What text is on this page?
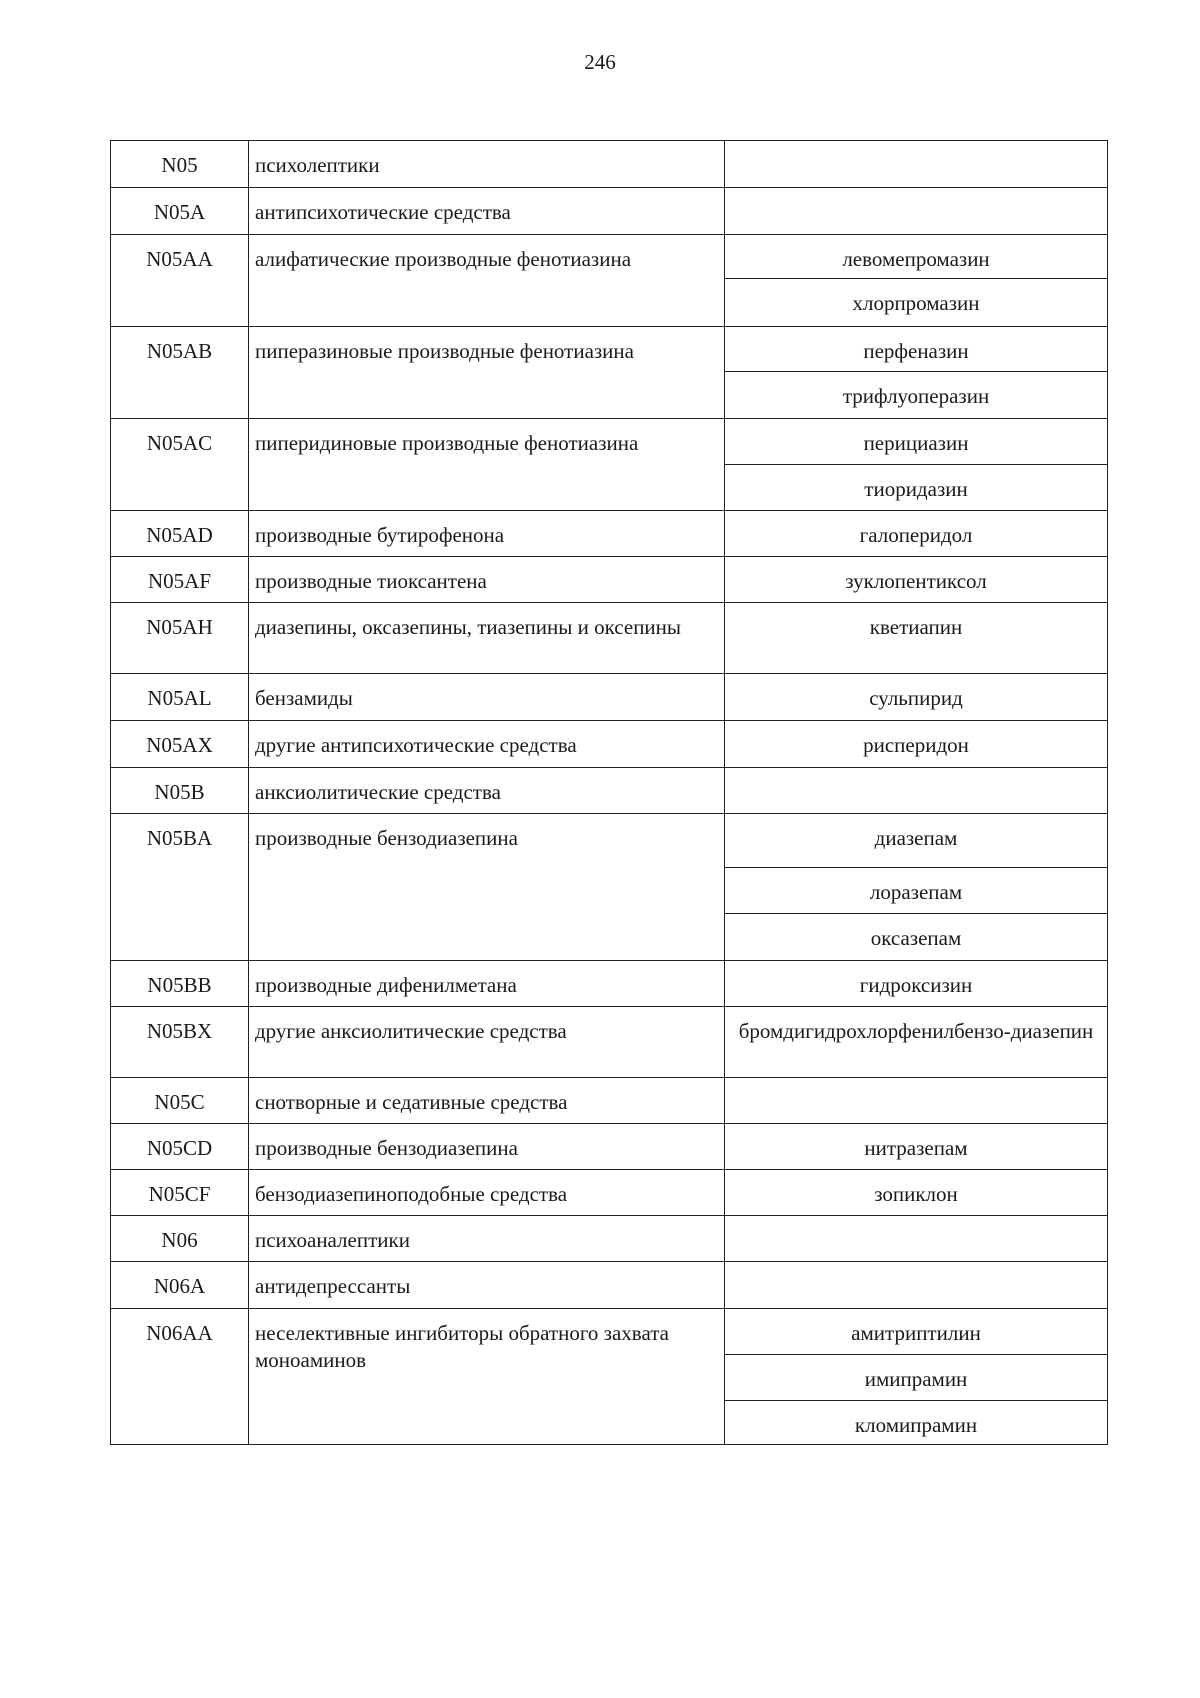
246
N05	психолептики	
N05A	антипсихотические средства	
N05AA	алифатические производные фенотиазина	левомепромазин
хлорпромазин

N05AB	пиперазиновые производные фенотиазина	перфеназин
трифлуоперазин

N05AC	пиперидиновые производные фенотиазина	перициазин
тиоридазин

N05AD	производные бутирофенона	галоперидол

N05AF	производные тиоксантена	зуклопентиксол

N05AH	диазепины, оксазепины, тиазепины и оксепины	кветиапин

N05AL	бензамиды	сульпирид

N05AX	другие антипсихотические средства	рисперидон

N05B	анксиолитические средства	
N05BA	производные бензодиазепина	диазепам
лоразепам
оксазепам

N05BB	производные дифенилметана	гидроксизин

N05BX	другие анксиолитические средства	бромдигидрохлорфенилбензо-диазепин

N05C	снотворные и седативные средства	
N05CD	производные бензодиазепина	нитразепам

N05CF	бензодиазепиноподобные средства	зопиклон

N06	психоаналептики	
N06A	антидепрессанты	
N06AA	неселективные ингибиторы обратного захвата моноаминов	амитриптилин
имипрамин
кломипрамин
